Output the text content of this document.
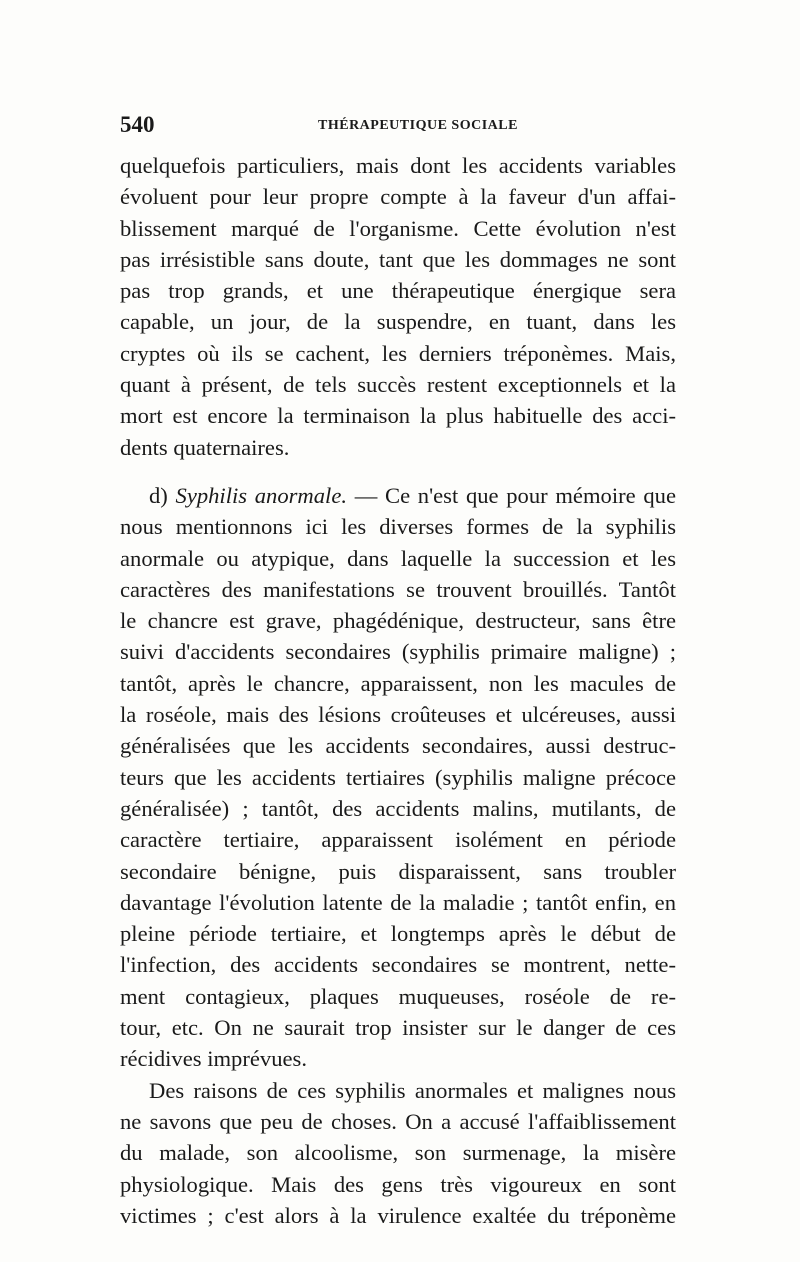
540	THÉRAPEUTIQUE SOCIALE
quelquefois particuliers, mais dont les accidents variables
évoluent pour leur propre compte à la faveur d'un affai-
blissement marqué de l'organisme. Cette évolution n'est
pas irrésistible sans doute, tant que les dommages ne sont
pas trop grands, et une thérapeutique énergique sera
capable, un jour, de la suspendre, en tuant, dans les
cryptes où ils se cachent, les derniers tréponèmes. Mais,
quant à présent, de tels succès restent exceptionnels et la
mort est encore la terminaison la plus habituelle des acci-
dents quaternaires.
d) Syphilis anormale. — Ce n'est que pour mémoire que
nous mentionnons ici les diverses formes de la syphilis
anormale ou atypique, dans laquelle la succession et les
caractères des manifestations se trouvent brouillés. Tantôt
le chancre est grave, phagédénique, destructeur, sans être
suivi d'accidents secondaires (syphilis primaire maligne) ;
tantôt, après le chancre, apparaissent, non les macules de
la roséole, mais des lésions croûteuses et ulcéreuses, aussi
généralisées que les accidents secondaires, aussi destruc-
teurs que les accidents tertiaires (syphilis maligne précoce
généralisée) ; tantôt, des accidents malins, mutilants, de
caractère tertiaire, apparaissent isolément en période
secondaire bénigne, puis disparaissent, sans troubler
davantage l'évolution latente de la maladie ; tantôt enfin, en
pleine période tertiaire, et longtemps après le début de
l'infection, des accidents secondaires se montrent, nette-
ment contagieux, plaques muqueuses, roséole de re-
tour, etc. On ne saurait trop insister sur le danger de ces
récidives imprévues.
Des raisons de ces syphilis anormales et malignes nous
ne savons que peu de choses. On a accusé l'affaiblissement
du malade, son alcoolisme, son surmenage, la misère
physiologique. Mais des gens très vigoureux en sont
victimes ; c'est alors à la virulence exaltée du tréponème
